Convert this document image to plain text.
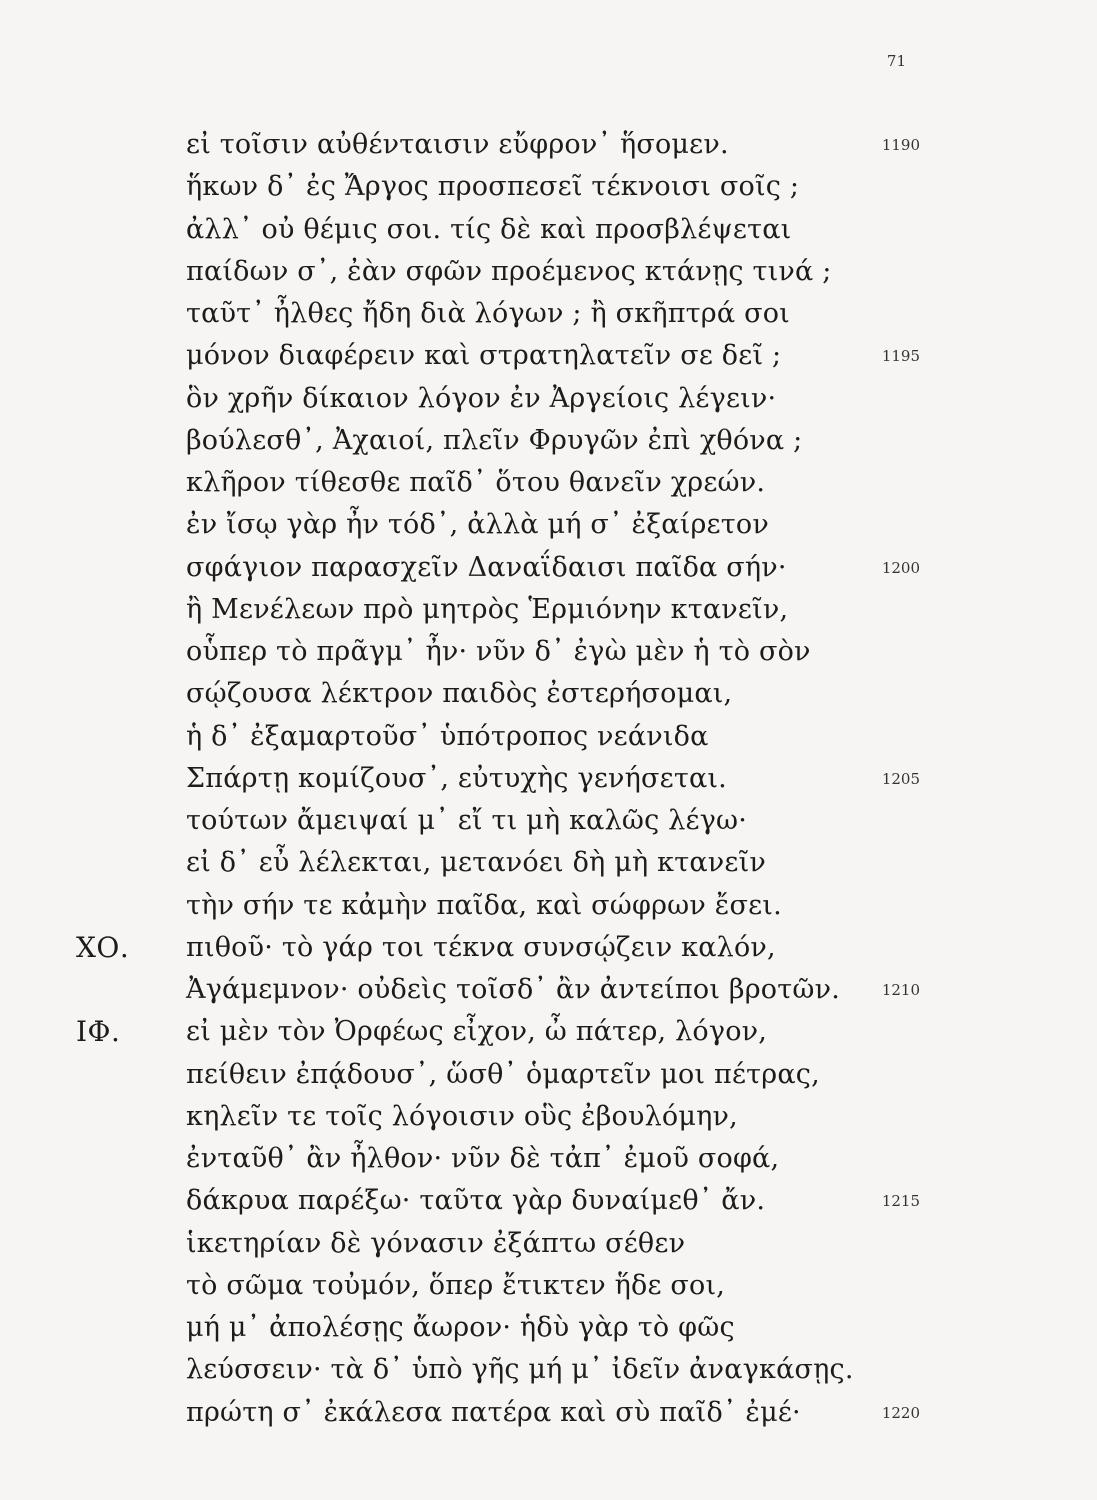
71
εἰ τοῖσιν αὐθένταισιν εὔφρον᾽ ἥσομεν.	1190
ἥκων δ᾽ ἐς Ἄργος προσπεσεῖ τέκνοισι σοῖς ;
ἀλλ᾽ οὐ θέμις σοι. τίς δὲ καὶ προσβλέψεται
παίδων σ᾽, ἐὰν σφῶν προέμενος κτάνῃς τινά ;
ταῦτ᾽ ἦλθες ἤδη διὰ λόγων ; ἢ σκῆπτρά σοι
μόνον διαφέρειν καὶ στρατηλατεῖν σε δεῖ ;	1195
ὃν χρῆν δίκαιον λόγον ἐν Ἀργείοις λέγειν·
βούλεσθ᾽, Ἀχαιοί, πλεῖν Φρυγῶν ἐπὶ χθόνα ;
κλῆρον τίθεσθε παῖδ᾽ ὅτου θανεῖν χρεών.
ἐν ἴσῳ γὰρ ἦν τόδ᾽, ἀλλὰ μή σ᾽ ἐξαίρετον
σφάγιον παρασχεῖν Δαναΐδαισι παῖδα σήν·	1200
ἢ Μενέλεων πρὸ μητρὸς Ἑρμιόνην κτανεῖν,
οὗπερ τὸ πρᾶγμ᾽ ἦν· νῦν δ᾽ ἐγὼ μὲν ἡ τὸ σὸν
σῴζουσα λέκτρον παιδὸς ἐστερήσομαι,
ἡ δ᾽ ἐξαμαρτοῦσ᾽ ὑπότροπος νεάνιδα
Σπάρτῃ κομίζουσ᾽, εὐτυχὴς γενήσεται.	1205
τούτων ἄμειψαί μ᾽ εἴ τι μὴ καλῶς λέγω·
εἰ δ᾽ εὖ λέλεκται, μετανόει δὴ μὴ κτανεῖν
τὴν σήν τε κἀμὴν παῖδα, καὶ σώφρων ἔσει.
ΧΟ. πιθοῦ· τὸ γάρ τοι τέκνα συνσῴζειν καλόν,
Ἀγάμεμνον· οὐδεὶς τοῖσδ᾽ ἂν ἀντείποι βροτῶν.	1210
ΙΦ. εἰ μὲν τὸν Ὀρφέως εἶχον, ὦ πάτερ, λόγον,
πείθειν ἐπᾴδουσ᾽, ὥσθ᾽ ὁμαρτεῖν μοι πέτρας,
κηλεῖν τε τοῖς λόγοισιν οὓς ἐβουλόμην,
ἐνταῦθ᾽ ἂν ἦλθον· νῦν δὲ τἀπ᾽ ἐμοῦ σοφά,
δάκρυα παρέξω· ταῦτα γὰρ δυναίμεθ᾽ ἄν.	1215
ἱκετηρίαν δὲ γόνασιν ἐξάπτω σέθεν
τὸ σῶμα τοὐμόν, ὅπερ ἔτικτεν ἥδε σοι,
μή μ᾽ ἀπολέσῃς ἄωρον· ἡδὺ γὰρ τὸ φῶς
λεύσσειν· τὰ δ᾽ ὑπὸ γῆς μή μ᾽ ἰδεῖν ἀναγκάσῃς.
πρώτη σ᾽ ἐκάλεσα πατέρα καὶ σὺ παῖδ᾽ ἐμέ·	1220
